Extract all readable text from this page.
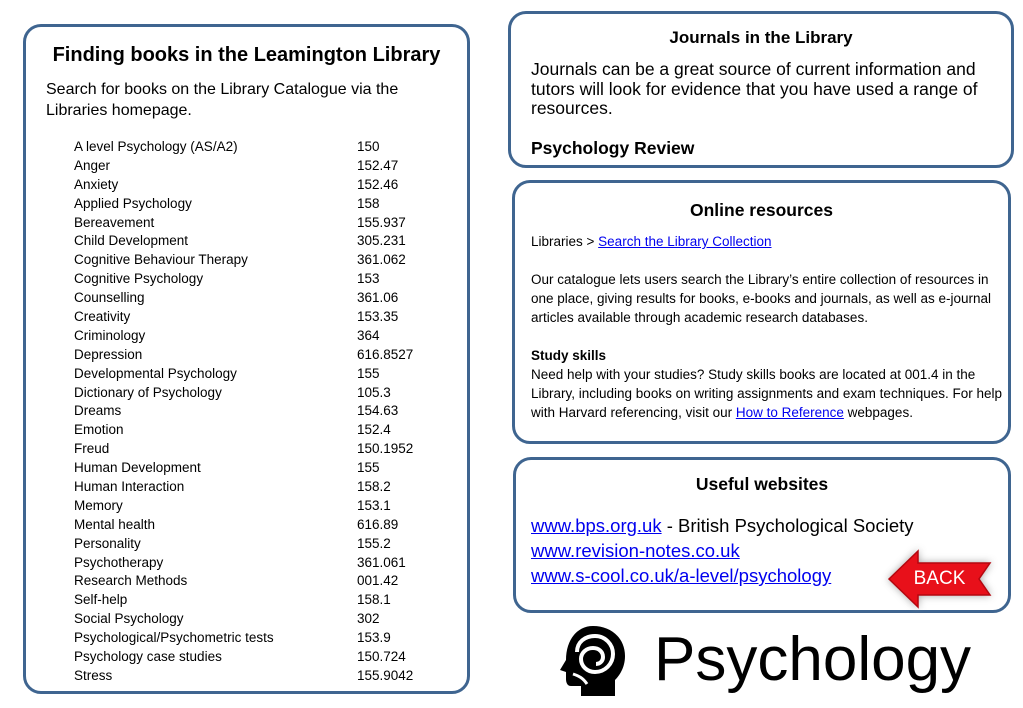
Finding books in the Leamington Library
Search for books on the Library Catalogue via the Libraries homepage.
A level Psychology (AS/A2)	150
Anger	152.47
Anxiety	152.46
Applied Psychology	158
Bereavement	155.937
Child Development	305.231
Cognitive Behaviour Therapy	361.062
Cognitive Psychology	153
Counselling	361.06
Creativity	153.35
Criminology	364
Depression	616.8527
Developmental Psychology	155
Dictionary of Psychology	105.3
Dreams	154.63
Emotion	152.4
Freud	150.1952
Human Development	155
Human Interaction	158.2
Memory	153.1
Mental health	616.89
Personality	155.2
Psychotherapy	361.061
Research Methods	001.42
Self-help	158.1
Social Psychology	302
Psychological/Psychometric tests	153.9
Psychology case studies	150.724
Stress	155.9042
Journals in the Library
Journals can be a great source of current information and tutors will look for evidence that you have used a range of resources.
Psychology Review
Online resources
Libraries > Search the Library Collection
Our catalogue lets users search the Library’s entire collection of resources in one place, giving results for books, e-books and journals, as well as e-journal articles available through academic research databases.
Study skills
Need help with your studies? Study skills books are located at 001.4 in the Library, including books on writing assignments and exam techniques. For help with Harvard referencing, visit our How to Reference webpages.
Useful websites
www.bps.org.uk - British Psychological Society
www.revision-notes.co.uk
www.s-cool.co.uk/a-level/psychology	BACK
Psychology
